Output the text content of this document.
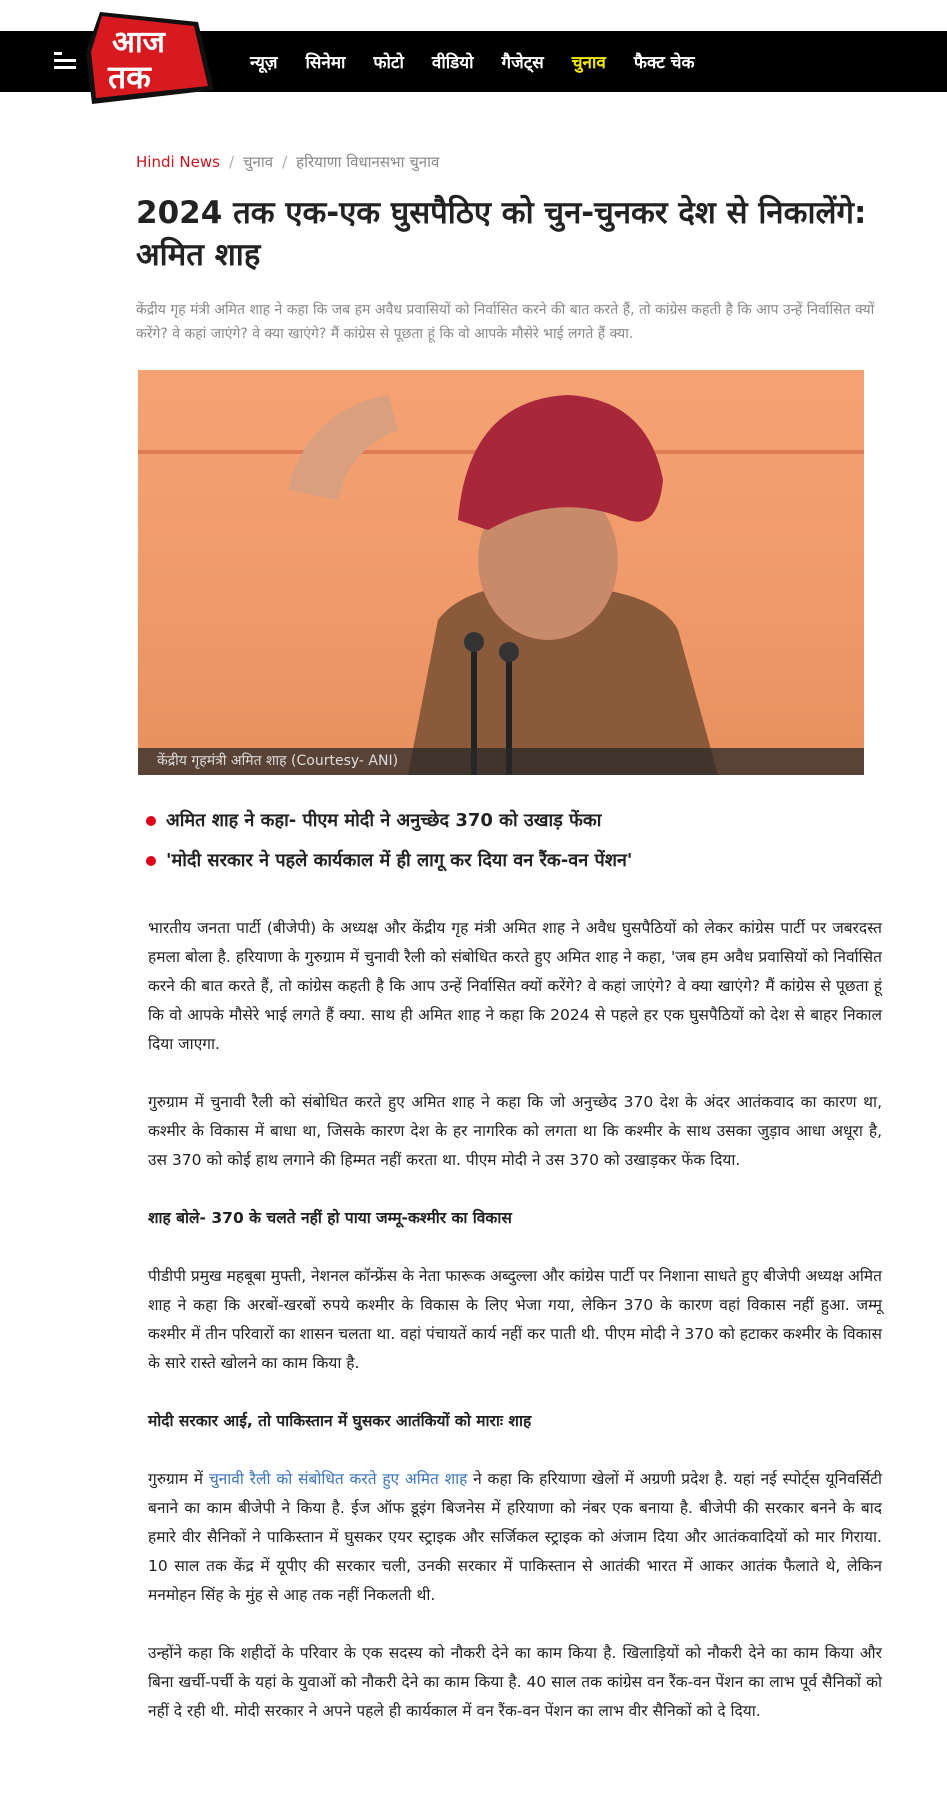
आज
तक	न्यूज़ सिनेमा फोटो वीडियो गैजेट्स चुनाव फैक्ट चेक
Hindi News / चुनाव / हरियाणा विधानसभा चुनाव
2024 तक एक-एक घुसपैठिए को चुन-चुनकर देश से निकालेंगे: अमित शाह

केंद्रीय गृह मंत्री अमित शाह ने कहा कि जब हम अवैध प्रवासियों को निर्वासित करने की बात करते हैं, तो कांग्रेस कहती है कि आप उन्हें निर्वासित क्यों करेंगे? वे कहां जाएंगे? वे क्या खाएंगे? मैं कांग्रेस से पूछता हूं कि वो आपके मौसेरे भाई लगते हैं क्या.

केंद्रीय गृहमंत्री अमित शाह (Courtesy- ANI)
अमित शाह ने कहा- पीएम मोदी ने अनुच्छेद 370 को उखाड़ फेंका
'मोदी सरकार ने पहले कार्यकाल में ही लागू कर दिया वन रैंक-वन पेंशन'

भारतीय जनता पार्टी (बीजेपी) के अध्यक्ष और केंद्रीय गृह मंत्री अमित शाह ने अवैध घुसपैठियों को लेकर कांग्रेस पार्टी पर जबरदस्त हमला बोला है. हरियाणा के गुरुग्राम में चुनावी रैली को संबोधित करते हुए अमित शाह ने कहा, 'जब हम अवैध प्रवासियों को निर्वासित करने की बात करते हैं, तो कांग्रेस कहती है कि आप उन्हें निर्वासित क्यों करेंगे? वे कहां जाएंगे? वे क्या खाएंगे? मैं कांग्रेस से पूछता हूं कि वो आपके मौसेरे भाई लगते हैं क्या. साथ ही अमित शाह ने कहा कि 2024 से पहले हर एक घुसपैठियों को देश से बाहर निकाल दिया जाएगा.

गुरुग्राम में चुनावी रैली को संबोधित करते हुए अमित शाह ने कहा कि जो अनुच्छेद 370 देश के अंदर आतंकवाद का कारण था, कश्मीर के विकास में बाधा था, जिसके कारण देश के हर नागरिक को लगता था कि कश्मीर के साथ उसका जुड़ाव आधा अधूरा है, उस 370 को कोई हाथ लगाने की हिम्मत नहीं करता था. पीएम मोदी ने उस 370 को उखाड़कर फेंक दिया.

शाह बोले- 370 के चलते नहीं हो पाया जम्मू-कश्मीर का विकास

पीडीपी प्रमुख महबूबा मुफ्ती, नेशनल कॉन्फ्रेंस के नेता फारूक अब्दुल्ला और कांग्रेस पार्टी पर निशाना साधते हुए बीजेपी अध्यक्ष अमित शाह ने कहा कि अरबों-खरबों रुपये कश्मीर के विकास के लिए भेजा गया, लेकिन 370 के कारण वहां विकास नहीं हुआ. जम्मू कश्मीर में तीन परिवारों का शासन चलता था. वहां पंचायतें कार्य नहीं कर पाती थी. पीएम मोदी ने 370 को हटाकर कश्मीर के विकास के सारे रास्ते खोलने का काम किया है.

मोदी सरकार आई, तो पाकिस्तान में घुसकर आतंकियों को माराः शाह

गुरुग्राम में चुनावी रैली को संबोधित करते हुए अमित शाह ने कहा कि हरियाणा खेलों में अग्रणी प्रदेश है. यहां नई स्पोर्ट्स यूनिवर्सिटी बनाने का काम बीजेपी ने किया है. ईज ऑफ डूइंग बिजनेस में हरियाणा को नंबर एक बनाया है. बीजेपी की सरकार बनने के बाद हमारे वीर सैनिकों ने पाकिस्तान में घुसकर एयर स्ट्राइक और सर्जिकल स्ट्राइक को अंजाम दिया और आतंकवादियों को मार गिराया. 10 साल तक केंद्र में यूपीए की सरकार चली, उनकी सरकार में पाकिस्तान से आतंकी भारत में आकर आतंक फैलाते थे, लेकिन मनमोहन सिंह के मुंह से आह तक नहीं निकलती थी.

उन्होंने कहा कि शहीदों के परिवार के एक सदस्य को नौकरी देने का काम किया है. खिलाड़ियों को नौकरी देने का काम किया और बिना खर्ची-पर्ची के यहां के युवाओं को नौकरी देने का काम किया है. 40 साल तक कांग्रेस वन रैंक-वन पेंशन का लाभ पूर्व सैनिकों को नहीं दे रही थी. मोदी सरकार ने अपने पहले ही कार्यकाल में वन रैंक-वन पेंशन का लाभ वीर सैनिकों को दे दिया.
